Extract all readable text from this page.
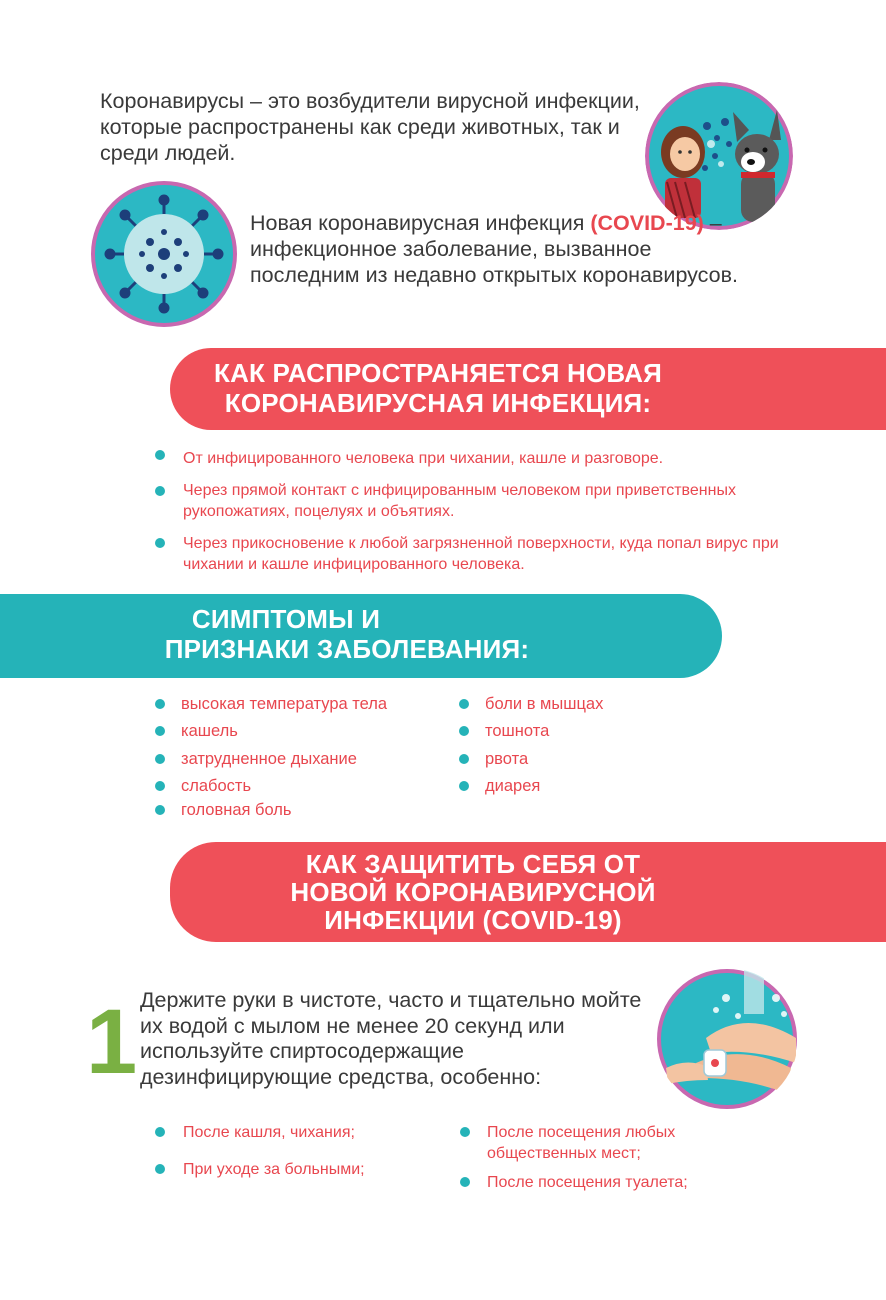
Коронавирусы – это возбудители вирусной инфекции, которые распространены как среди животных, так и среди людей.
Новая коронавирусная инфекция (COVID-19) – инфекционное заболевание, вызванное последним из недавно открытых коронавирусов.
КАК РАСПРОСТРАНЯЕТСЯ НОВАЯ
КОРОНАВИРУСНАЯ ИНФЕКЦИЯ:
От инфицированного человека при чихании, кашле и разговоре.
Через прямой контакт с инфицированным человеком при приветственных рукопожатиях, поцелуях и объятиях.
Через прикосновение к любой загрязненной поверхности, куда попал вирус при чихании и кашле инфицированного человека.
СИМПТОМЫ И
ПРИЗНАКИ ЗАБОЛЕВАНИЯ:
высокая температура тела
кашель
затрудненное дыхание
слабость
головная боль
боли в мышцах
тошнота
рвота
диарея
КАК ЗАЩИТИТЬ СЕБЯ ОТ
НОВОЙ КОРОНАВИРУСНОЙ
ИНФЕКЦИИ (COVID-19)
1 Держите руки в чистоте, часто и тщательно мойте их водой с мылом не менее 20 секунд или используйте спиртосодержащие дезинфицирующие средства, особенно:
После кашля, чихания;
При уходе за больными;
После посещения любых общественных мест;
После посещения туалета;
